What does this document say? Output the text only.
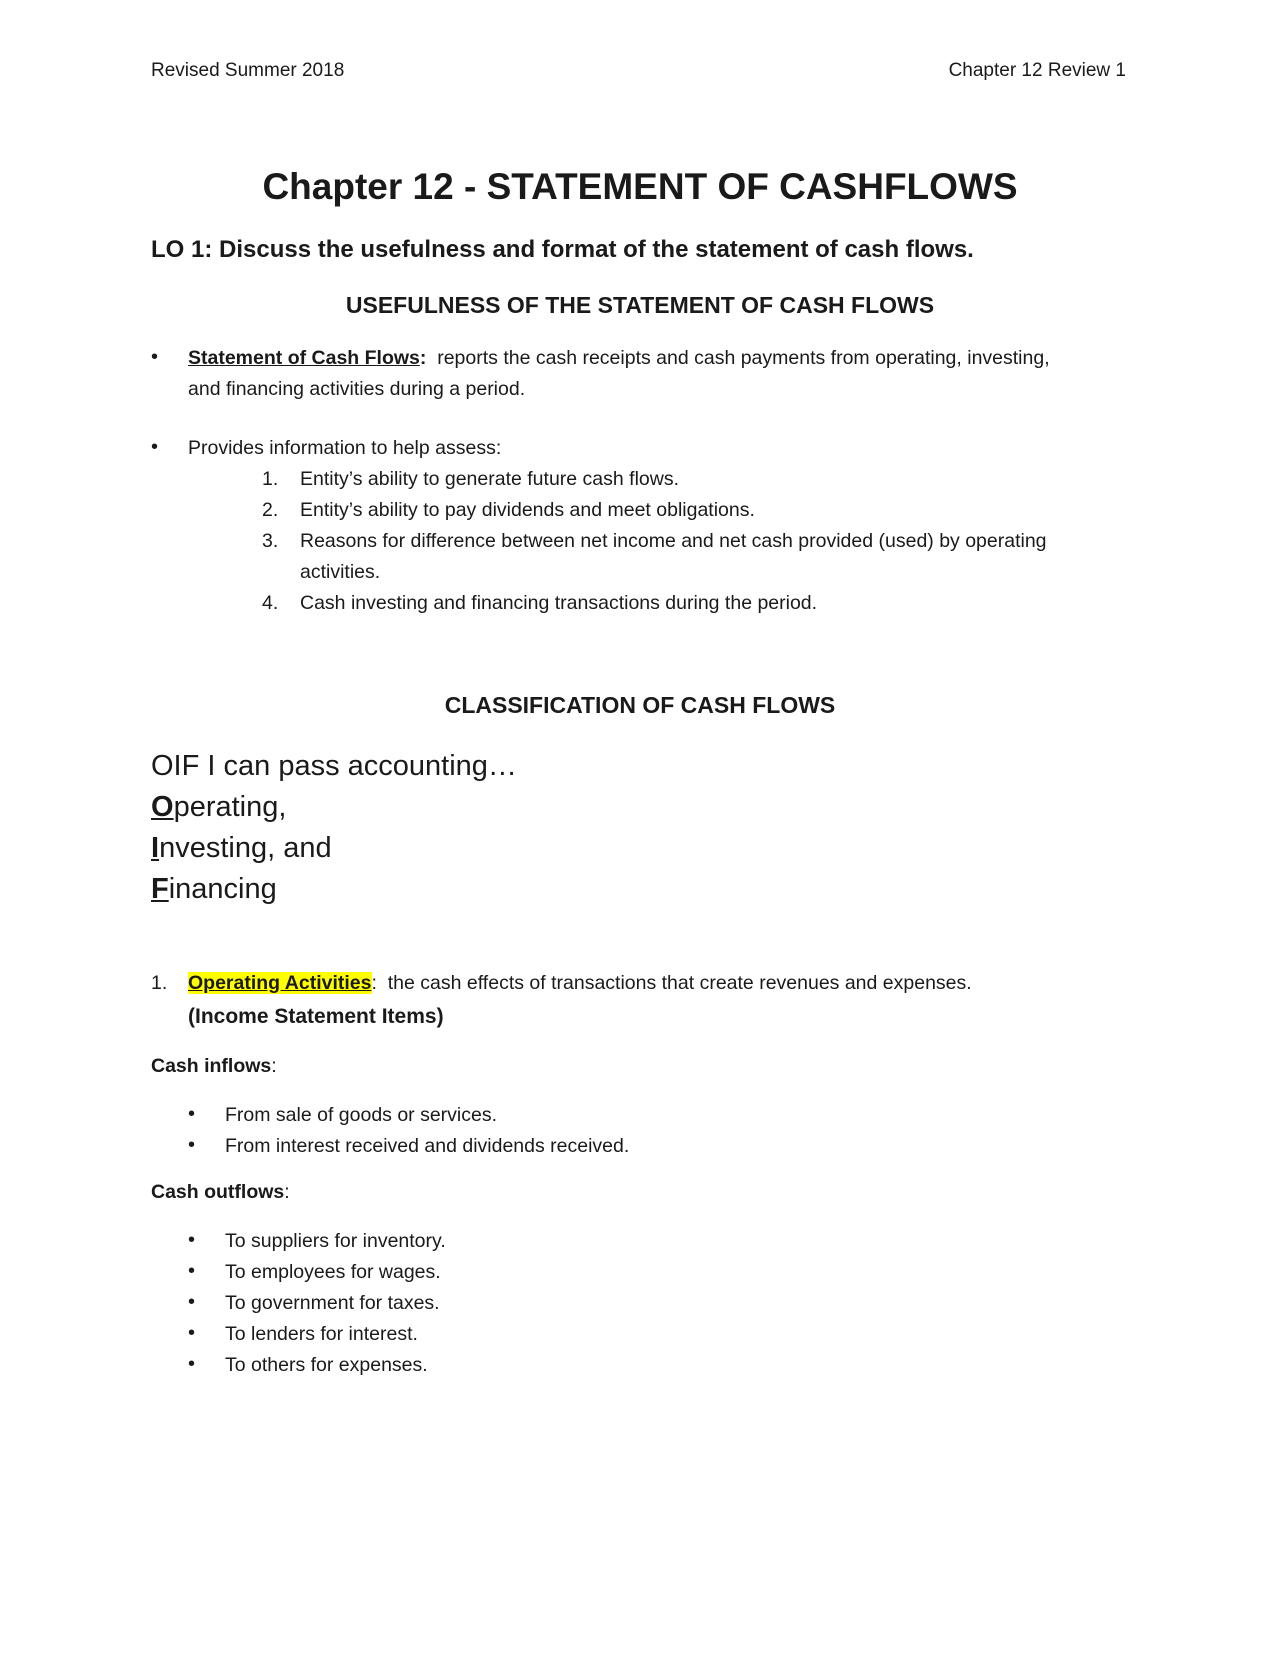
Revised Summer 2018	Chapter 12 Review 1
Chapter 12 - STATEMENT OF CASHFLOWS
LO 1: Discuss the usefulness and format of the statement of cash flows.
USEFULNESS OF THE STATEMENT OF CASH FLOWS
• Statement of Cash Flows: reports the cash receipts and cash payments from operating, investing,
and financing activities during a period.
• Provides information to help assess:
1. Entity’s ability to generate future cash flows.
2. Entity’s ability to pay dividends and meet obligations.
3. Reasons for difference between net income and net cash provided (used) by operating
activities.
4. Cash investing and financing transactions during the period.
CLASSIFICATION OF CASH FLOWS
OIF I can pass accounting…
Operating,
Investing, and
Financing
1. Operating Activities: the cash effects of transactions that create revenues and expenses.
(Income Statement Items)
Cash inflows:
• From sale of goods or services.
• From interest received and dividends received.
Cash outflows:
• To suppliers for inventory.
• To employees for wages.
• To government for taxes.
• To lenders for interest.
• To others for expenses.
